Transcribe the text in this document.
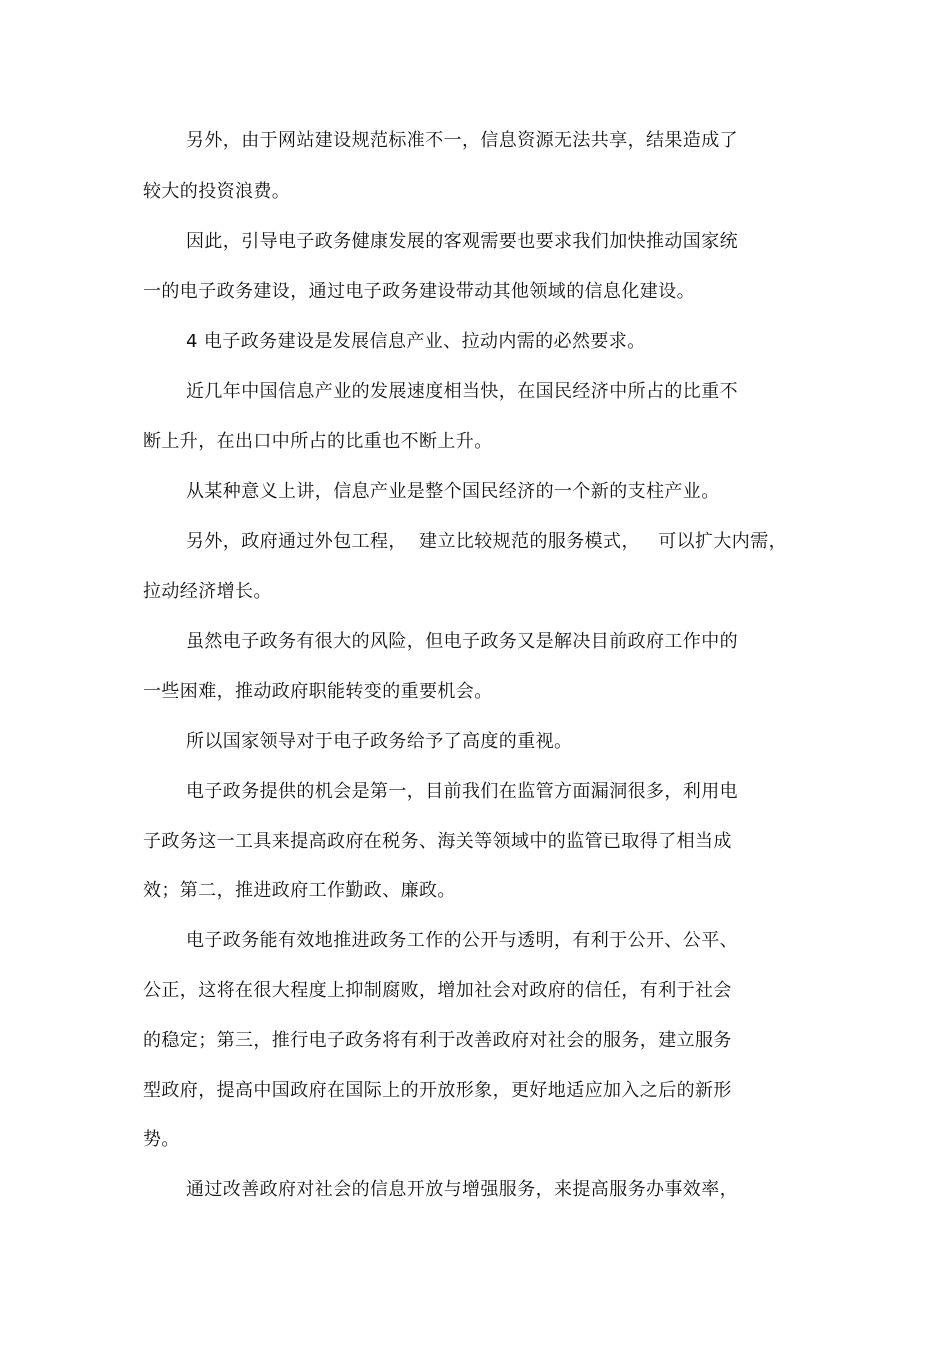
另外，由于网站建设规范标准不一，信息资源无法共享，结果造成了
较大的投资浪费。
因此，引导电子政务健康发展的客观需要也要求我们加快推动国家统
一的电子政务建设，通过电子政务建设带动其他领域的信息化建设。
4 电子政务建设是发展信息产业、拉动内需的必然要求。
近几年中国信息产业的发展速度相当快，在国民经济中所占的比重不
断上升，在出口中所占的比重也不断上升。
从某种意义上讲，信息产业是整个国民经济的一个新的支柱产业。
另外，政府通过外包工程，  建立比较规范的服务模式，   可以扩大内需，
拉动经济增长。
虽然电子政务有很大的风险，但电子政务又是解决目前政府工作中的
一些困难，推动政府职能转变的重要机会。
所以国家领导对于电子政务给予了高度的重视。
电子政务提供的机会是第一，目前我们在监管方面漏洞很多，利用电
子政务这一工具来提高政府在税务、海关等领域中的监管已取得了相当成
效；第二，推进政府工作勤政、廉政。
电子政务能有效地推进政务工作的公开与透明，有利于公开、公平、
公正，这将在很大程度上抑制腐败，增加社会对政府的信任，有利于社会
的稳定；第三，推行电子政务将有利于改善政府对社会的服务，建立服务
型政府，提高中国政府在国际上的开放形象，更好地适应加入之后的新形
势。
通过改善政府对社会的信息开放与增强服务，来提高服务办事效率，
